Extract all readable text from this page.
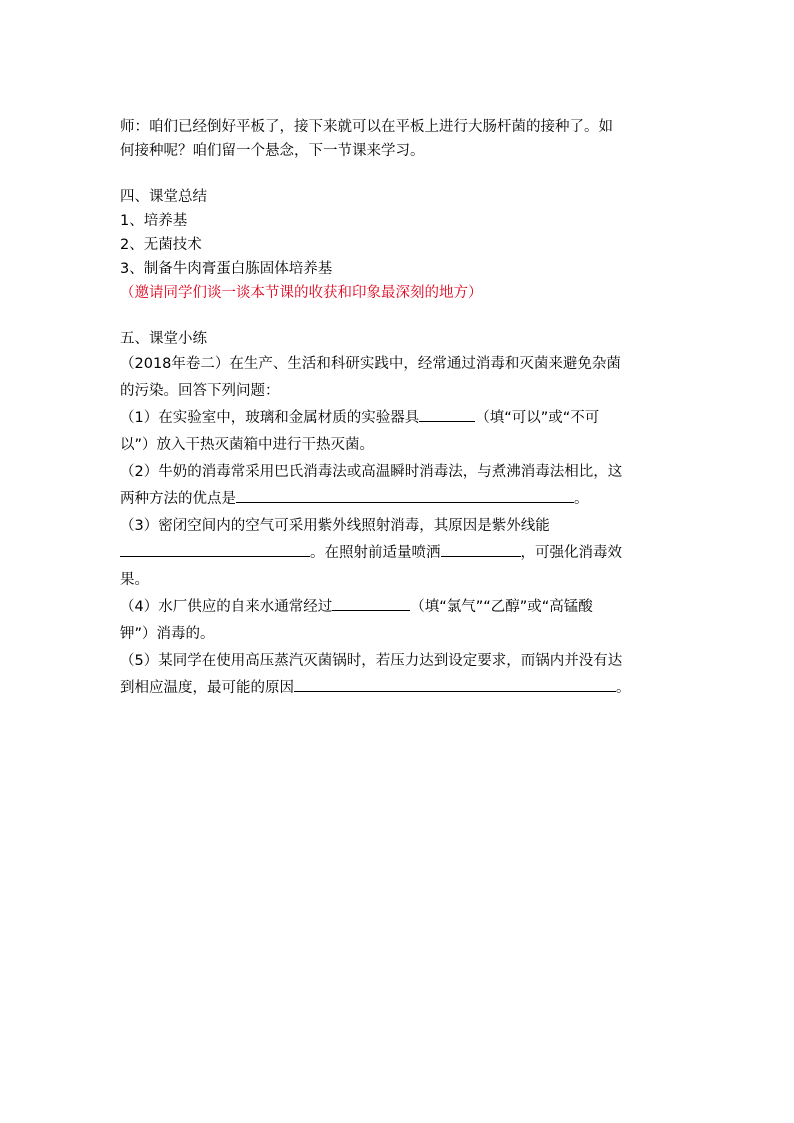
师：咱们已经倒好平板了，接下来就可以在平板上进行大肠杆菌的接种了。如

何接种呢？咱们留一个悬念，下一节课来学习。

四、课堂总结

1、培养基

2、无菌技术

3、制备牛肉膏蛋白胨固体培养基

（邀请同学们谈一谈本节课的收获和印象最深刻的地方）

五、课堂小练

（2018年卷二）在生产、生活和科研实践中，经常通过消毒和灭菌来避免杂菌

的污染。回答下列问题：

（1）在实验室中，玻璃和金属材质的实验器具	（填“可以”或“不可

以”）放入干热灭菌箱中进行干热灭菌。

（2）牛奶的消毒常采用巴氏消毒法或高温瞬时消毒法，与煮沸消毒法相比，这

两种方法的优点是	。

（3）密闭空间内的空气可采用紫外线照射消毒，其原因是紫外线能

。在照射前适量喷洒	，可强化消毒效

果。

（4）水厂供应的自来水通常经过	（填“氯气”“乙醇”或“高锰酸

钾”）消毒的。

（5）某同学在使用高压蒸汽灭菌锅时，若压力达到设定要求，而锅内并没有达

到相应温度，最可能的原因	。
